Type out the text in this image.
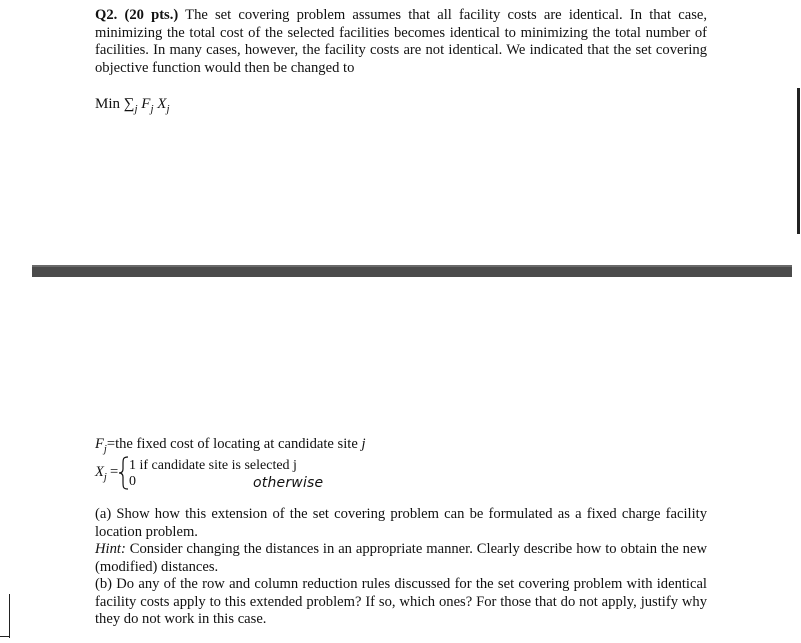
Q2. (20 pts.) The set covering problem assumes that all facility costs are identical. In that case, minimizing the total cost of the selected facilities becomes identical to minimizing the total number of facilities. In many cases, however, the facility costs are not identical. We indicated that the set covering objective function would then be changed to
Min $\sum_j$ $F_j$ $X_j$
$F_j=the$ fixed cost of locating at candidate site j
$X_j = 1$ if candidate site is selected j
0	otherwise
(a) Show how this extension of the set covering problem can be formulated as a fixed charge facility location problem.
Hint: Consider changing the distances in an appropriate manner. Clearly describe how to obtain the new (modified) distances.
(b) Do any of the row and column reduction rules discussed for the set covering problem with identical facility costs apply to this extended problem? If so, which ones? For those that do not apply, justify why they do not work in this case.
